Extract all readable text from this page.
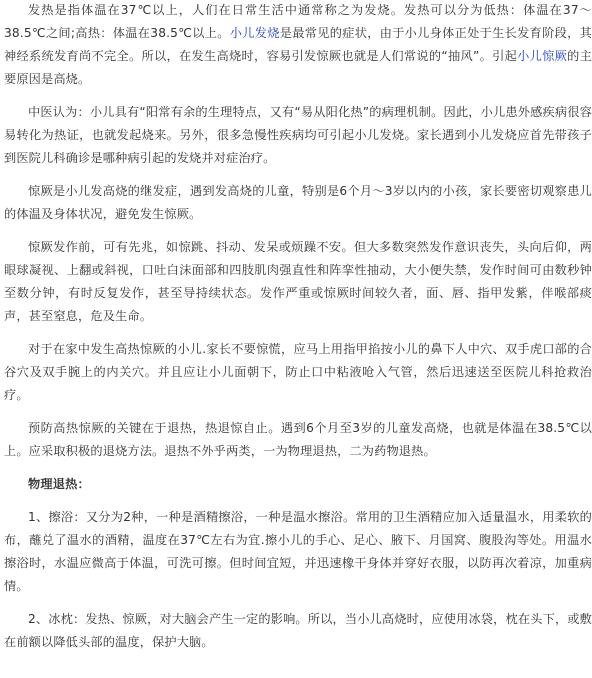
发热是指体温在37℃以上，人们在日常生活中通常称之为发烧。发热可以分为低热：体温在37～38.5℃之间;高热：体温在38.5℃以上。小儿发烧是最常见的症状，由于小儿身体正处于生长发育阶段，其神经系统发育尚不完全。所以，在发生高烧时，容易引发惊厥也就是人们常说的“抽风”。引起小儿惊厥的主要原因是高烧。

中医认为：小儿具有“阳常有余的生理特点，又有“易从阳化热”的病理机制。因此，小儿患外感疾病很容易转化为热证，也就发起烧来。另外，很多急慢性疾病均可引起小儿发烧。家长遇到小儿发烧应首先带孩子到医院儿科确诊是哪种病引起的发烧并对症治疗。

惊厥是小儿发高烧的继发症，遇到发高烧的儿童，特别是6个月～3岁以内的小孩，家长要密切观察患儿的体温及身体状况，避免发生惊厥。

惊厥发作前，可有先兆，如惊跳、抖动、发呆或烦躁不安。但大多数突然发作意识丧失，头向后仰，两眼球凝视、上翻或斜视，口吐白沫面部和四肢肌肉强直性和阵挛性抽动，大小便失禁，发作时间可由数秒钟至数分钟，有时反复发作，甚至导持续状态。发作严重或惊厥时间较久者，面、唇、指甲发紫，伴喉部痰声，甚至窒息，危及生命。

对于在家中发生高热惊厥的小儿.家长不要惊慌，应马上用指甲掐按小儿的鼻下人中穴、双手虎口部的合谷穴及双手腕上的内关穴。并且应让小儿面朝下，防止口中粘液呛入气管，然后迅速送至医院儿科抢救治疗。

预防高热惊厥的关键在于退热，热退惊自止。遇到6个月至3岁的儿童发高烧，也就是体温在38.5℃以上。应采取积极的退烧方法。退热不外乎两类，一为物理退热，二为药物退热。

物理退热：

1、擦浴：又分为2种，一种是酒精擦浴，一种是温水擦浴。常用的卫生酒精应加入适量温水，用柔软的布，蘸兑了温水的酒精，温度在37℃左右为宜.擦小儿的手心、足心、腋下、月国窝、腹股沟等处。用温水擦浴时，水温应微高于体温，可洗可擦。但时间宜短，并迅速橡干身体并穿好衣服，以防再次着凉，加重病情。

2、冰枕：发热、惊厥，对大脑会产生一定的影响。所以，当小儿高烧时，应使用冰袋，枕在头下，或敷在前额以降低头部的温度，保护大脑。
